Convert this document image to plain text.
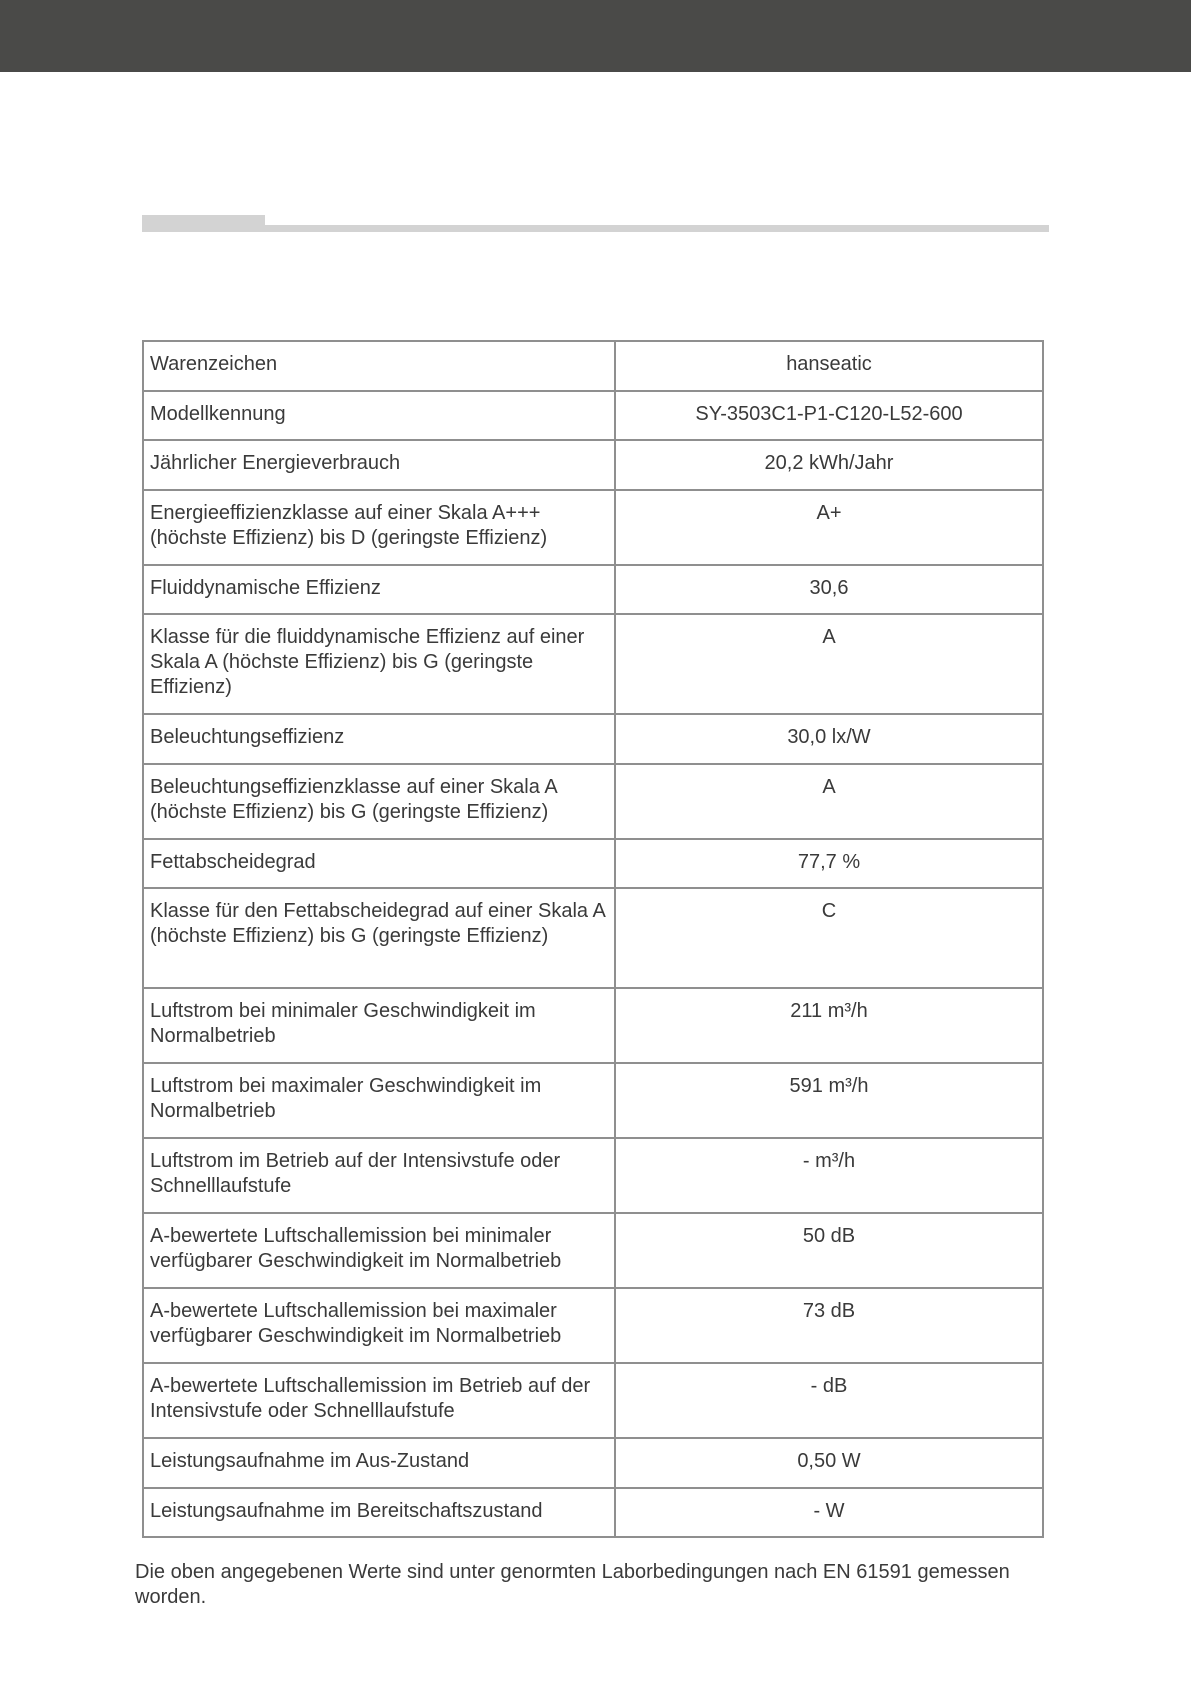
Warenzeichen	hanseatic
Modellkennung	SY-3503C1-P1-C120-L52-600
Jährlicher Energieverbrauch	20,2 kWh/Jahr
Energieeffizienzklasse auf einer Skala A+++ (höchste Effizienz) bis D (geringste Effizienz)	A+
Fluiddynamische Effizienz	30,6
Klasse für die fluiddynamische Effizienz auf einer Skala A (höchste Effizienz) bis G (geringste Effizienz)	A
Beleuchtungseffizienz	30,0 lx/W
Beleuchtungseffizienzklasse auf einer Skala A (höchste Effizienz) bis G (geringste Effizienz)	A
Fettabscheidegrad	77,7 %
Klasse für den Fettabscheidegrad auf einer Skala A (höchste Effizienz) bis G (geringste Effizienz)	C
Luftstrom bei minimaler Geschwindigkeit im Normalbetrieb	211 m³/h
Luftstrom bei maximaler Geschwindigkeit im Normalbetrieb	591 m³/h
Luftstrom im Betrieb auf der Intensivstufe oder Schnelllaufstufe	- m³/h
A-bewertete Luftschallemission bei minimaler verfügbarer Geschwindigkeit im Normalbetrieb	50 dB
A-bewertete Luftschallemission bei maximaler verfügbarer Geschwindigkeit im Normalbetrieb	73 dB
A-bewertete Luftschallemission im Betrieb auf der Intensivstufe oder Schnelllaufstufe	- dB
Leistungsaufnahme im Aus-Zustand	0,50 W
Leistungsaufnahme im Bereitschaftszustand	- W
Die oben angegebenen Werte sind unter genormten Laborbedingungen nach EN 61591 gemessen worden.
